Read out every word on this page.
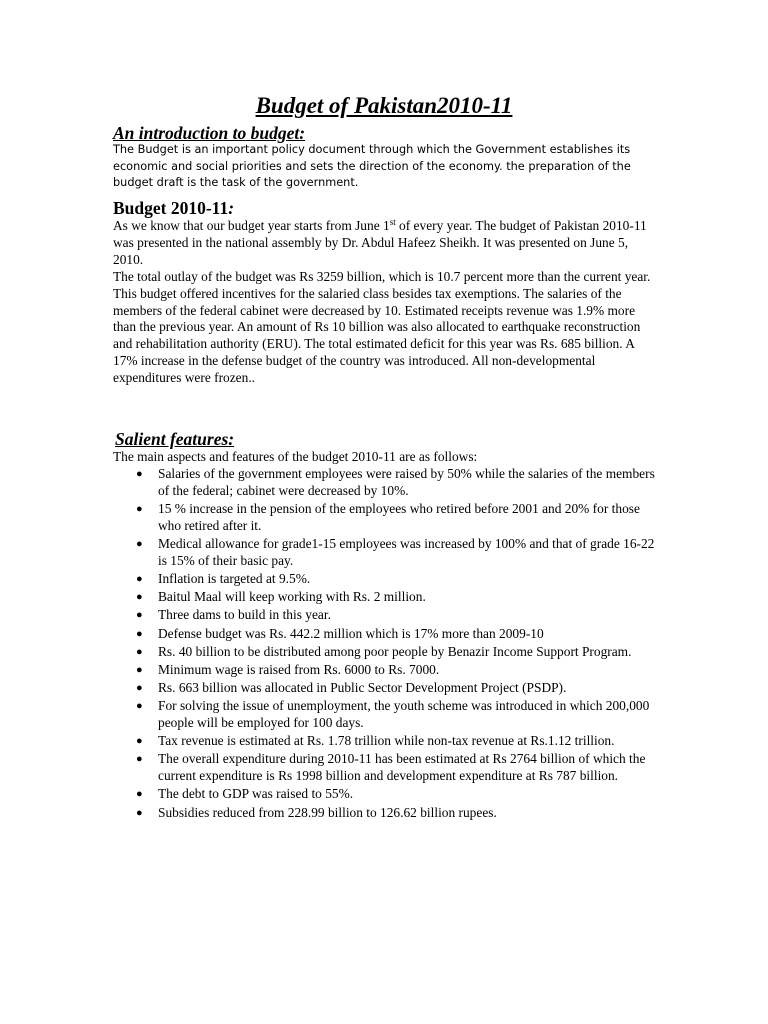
Budget of Pakistan2010-11
An introduction to budget:
The Budget is an important policy document through which the Government establishes its economic and social priorities and sets the direction of the economy. the preparation of the budget draft is the task of the government.
Budget 2010-11:
As we know that our budget year starts from June 1st of every year. The budget of Pakistan 2010-11 was presented in the national assembly by Dr. Abdul Hafeez Sheikh. It was presented on June 5, 2010.
The total outlay of the budget was Rs 3259 billion, which is 10.7 percent more than the current year. This budget offered incentives for the salaried class besides tax exemptions. The salaries of the members of the federal cabinet were decreased by 10. Estimated receipts revenue was 1.9% more than the previous year. An amount of Rs 10 billion was also allocated to earthquake reconstruction and rehabilitation authority (ERU). The total estimated deficit for this year was Rs. 685 billion. A 17% increase in the defense budget of the country was introduced. All non-developmental expenditures were frozen..
Salient features:
The main aspects and features of the budget 2010-11 are as follows:
● Salaries of the government employees were raised by 50% while the salaries of the members of the federal; cabinet were decreased by 10%.
● 15 % increase in the pension of the employees who retired before 2001 and 20% for those who retired after it.
● Medical allowance for grade1-15 employees was increased by 100% and that of grade 16-22 is 15% of their basic pay.
● Inflation is targeted at 9.5%.
● Baitul Maal will keep working with Rs. 2 million.
● Three dams to build in this year.
● Defense budget was Rs. 442.2 million which is 17% more than 2009-10
● Rs. 40 billion to be distributed among poor people by Benazir Income Support Program.
● Minimum wage is raised from Rs. 6000 to Rs. 7000.
● Rs. 663 billion was allocated in Public Sector Development Project (PSDP).
● For solving the issue of unemployment, the youth scheme was introduced in which 200,000 people will be employed for 100 days.
● Tax revenue is estimated at Rs. 1.78 trillion while non-tax revenue at Rs.1.12 trillion.
● The overall expenditure during 2010-11 has been estimated at Rs 2764 billion of which the current expenditure is Rs 1998 billion and development expenditure at Rs 787 billion.
● The debt to GDP was raised to 55%.
● Subsidies reduced from 228.99 billion to 126.62 billion rupees.
